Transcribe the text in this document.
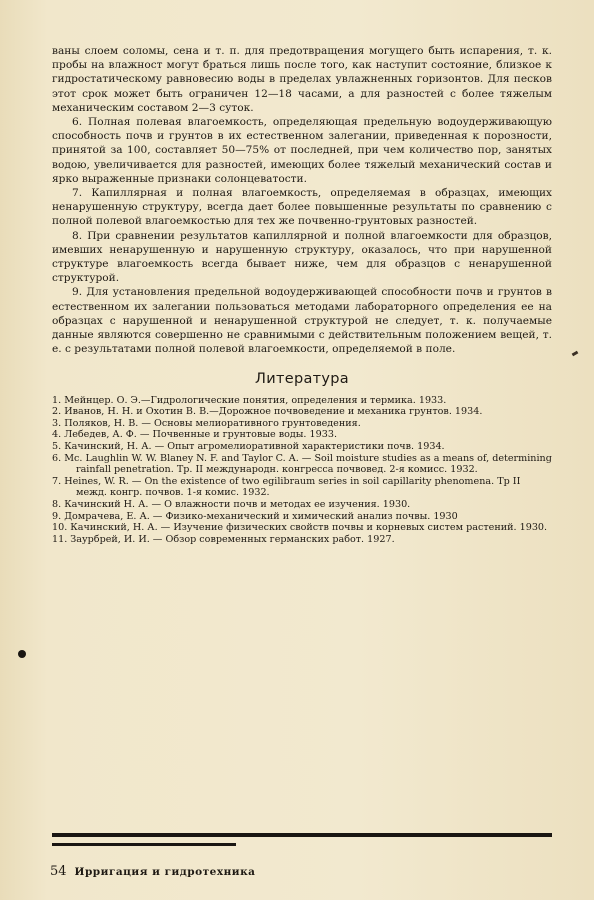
ваны слоем соломы, сена и т. п. для предотвращения могущего быть испарения, т. к. пробы на влажност могут браться лишь после того, как наступит состояние, близкое к гидростатическому равновесию воды в пределах увлажненных горизонтов. Для песков этот срок может быть ограничен 12—18 часами, а для разностей с более тяжелым механическим составом 2—3 суток.

6. Полная полевая влагоемкость, определяющая предельную водоудерживающую способность почв и грунтов в их естественном залегании, приведенная к порозности, принятой за 100, составляет 50—75% от последней, при чем количество пор, занятых водою, увеличивается для разностей, имеющих более тяжелый механический состав и ярко выраженные признаки солонцеватости.

7. Капиллярная и полная влагоемкость, определяемая в образцах, имеющих ненарушенную структуру, всегда дает более повышенные результаты по сравнению с полной полевой влагоемкостью для тех же почвенно-грунтовых разностей.

8. При сравнении результатов капиллярной и полной влагоемкости для образцов, имевших ненарушенную и нарушенную структуру, оказалось, что при нарушенной структуре влагоемкость всегда бывает ниже, чем для образцов с ненарушенной структурой.

9. Для установления предельной водоудерживающей способности почв и грунтов в естественном их залегании пользоваться методами лабораторного определения ее на образцах с нарушенной и ненарушенной структурой не следует, т. к. получаемые данные являются совершенно не сравнимыми с действительным положением вещей, т. е. с результатами полной полевой влагоемкости, определяемой в поле.

Литература

1. Мейнцер. О. Э.—Гидрологические понятия, определения и термика. 1933.

2. Иванов, Н. Н. и Охотин В. В.—Дорожное почвоведение и механика грунтов. 1934.

3. Поляков, Н. В. — Основы мелиоративного грунтоведения.

4. Лебедев, А. Ф. — Почвенные и грунтовые воды. 1933.

5. Качинский, Н. А. — Опыт агромелиоративной характеристики почв. 1934.

6. Mc. Laughlin W. W. Blaney N. F. and Taylor C. A. — Soil moisture studies as a means of, determining rainfall penetration. Тр. II международн. конгресса почвовед. 2-я комисс. 1932.

7. Heines, W. R. — On the existence of two egilibraum series in soil capillarity phenomena. Тр II межд. конгр. почвов. 1-я комис. 1932.

8. Качинский Н. А. — О влажности почв и методах ее изучения. 1930.

9. Домрачева, Е. А. — Физико-механический и химический анализ почвы. 1930

10. Качинский, Н. А. — Изучение физических свойств почвы и корневых систем растений. 1930.

11. Заурбрей, И. И. — Обзор современных германских работ. 1927.

54 Ирригация и гидротехника
